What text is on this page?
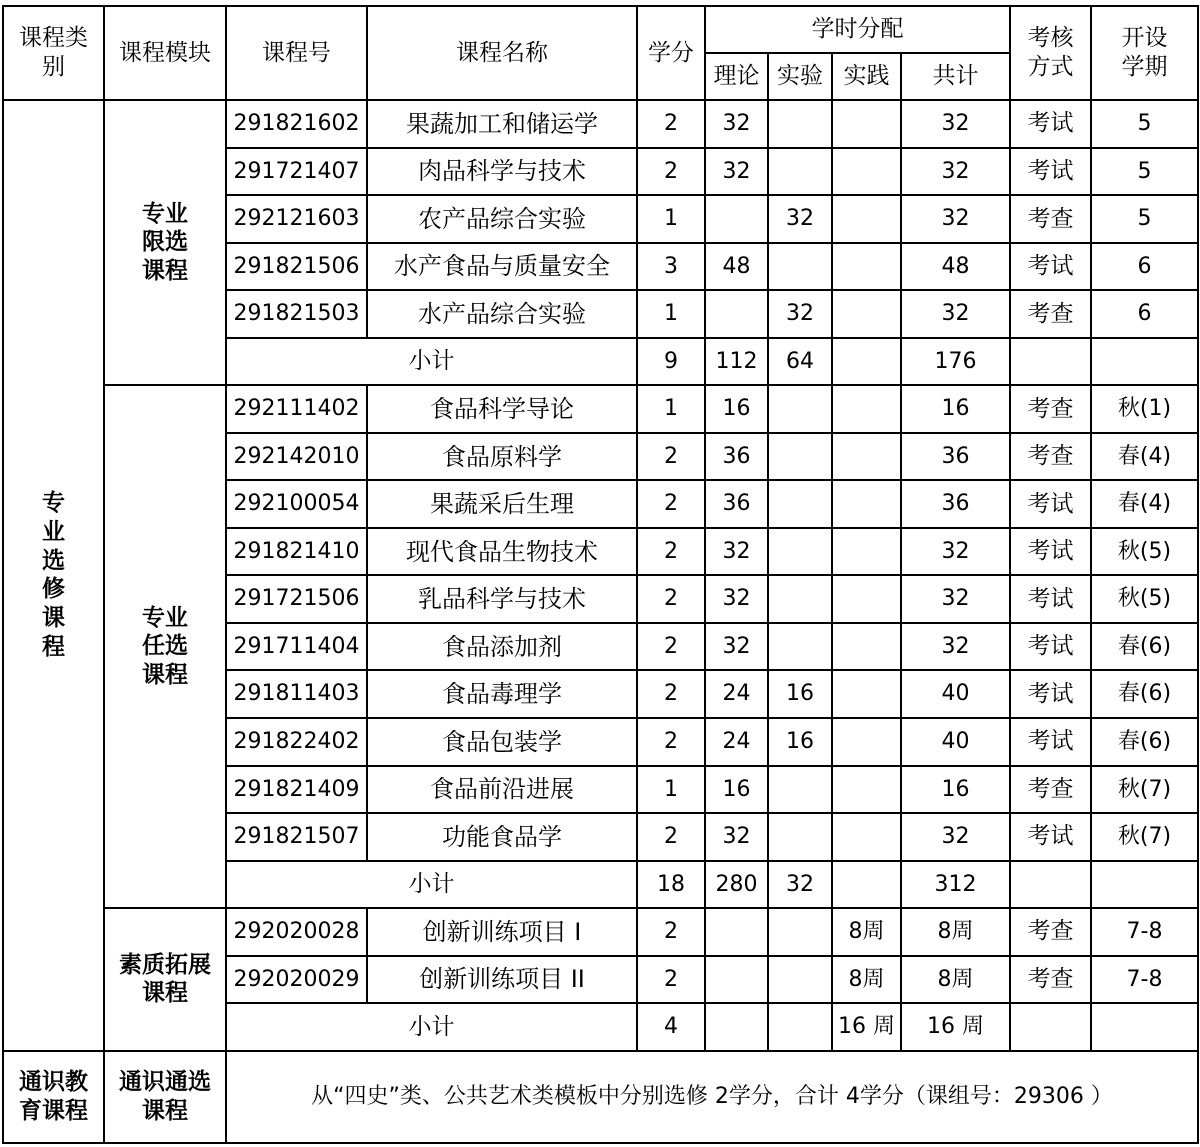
课程类别	课程模块	课程号	课程名称	学分	学时分配				考核方式	开设学期
					理论	实验	实践	共计		
专业选修课程	专业限选课程	291821602	果蔬加工和储运学	2	32			32	考试	5
		291721407	肉品科学与技术	2	32			32	考试	5
		292121603	农产品综合实验	1		32		32	考查	5
		291821506	水产食品与质量安全	3	48			48	考试	6
		291821503	水产品综合实验	1		32		32	考查	6
		小计		9	112	64		176		
	专业任选课程	292111402	食品科学导论	1	16			16	考查	秋(1)
		292142010	食品原料学	2	36			36	考查	春(4)
		292100054	果蔬采后生理	2	36			36	考试	春(4)
		291821410	现代食品生物技术	2	32			32	考试	秋(5)
		291721506	乳品科学与技术	2	32			32	考试	秋(5)
		291711404	食品添加剂	2	32			32	考试	春(6)
		291811403	食品毒理学	2	24	16		40	考试	春(6)
		291822402	食品包装学	2	24	16		40	考试	春(6)
		291821409	食品前沿进展	1	16			16	考查	秋(7)
		291821507	功能食品学	2	32			32	考试	秋(7)
		小计		18	280	32		312		
	素质拓展课程	292020028	创新训练项目 I	2			8周	8周	考查	7-8
		292020029	创新训练项目 II	2			8周	8周	考查	7-8
		小计		4			16 周	16 周		
通识教育课程	通识通选课程	从“四史”类、公共艺术类模板中分别选修 2学分，合计 4学分（课组号：29306 ）								
